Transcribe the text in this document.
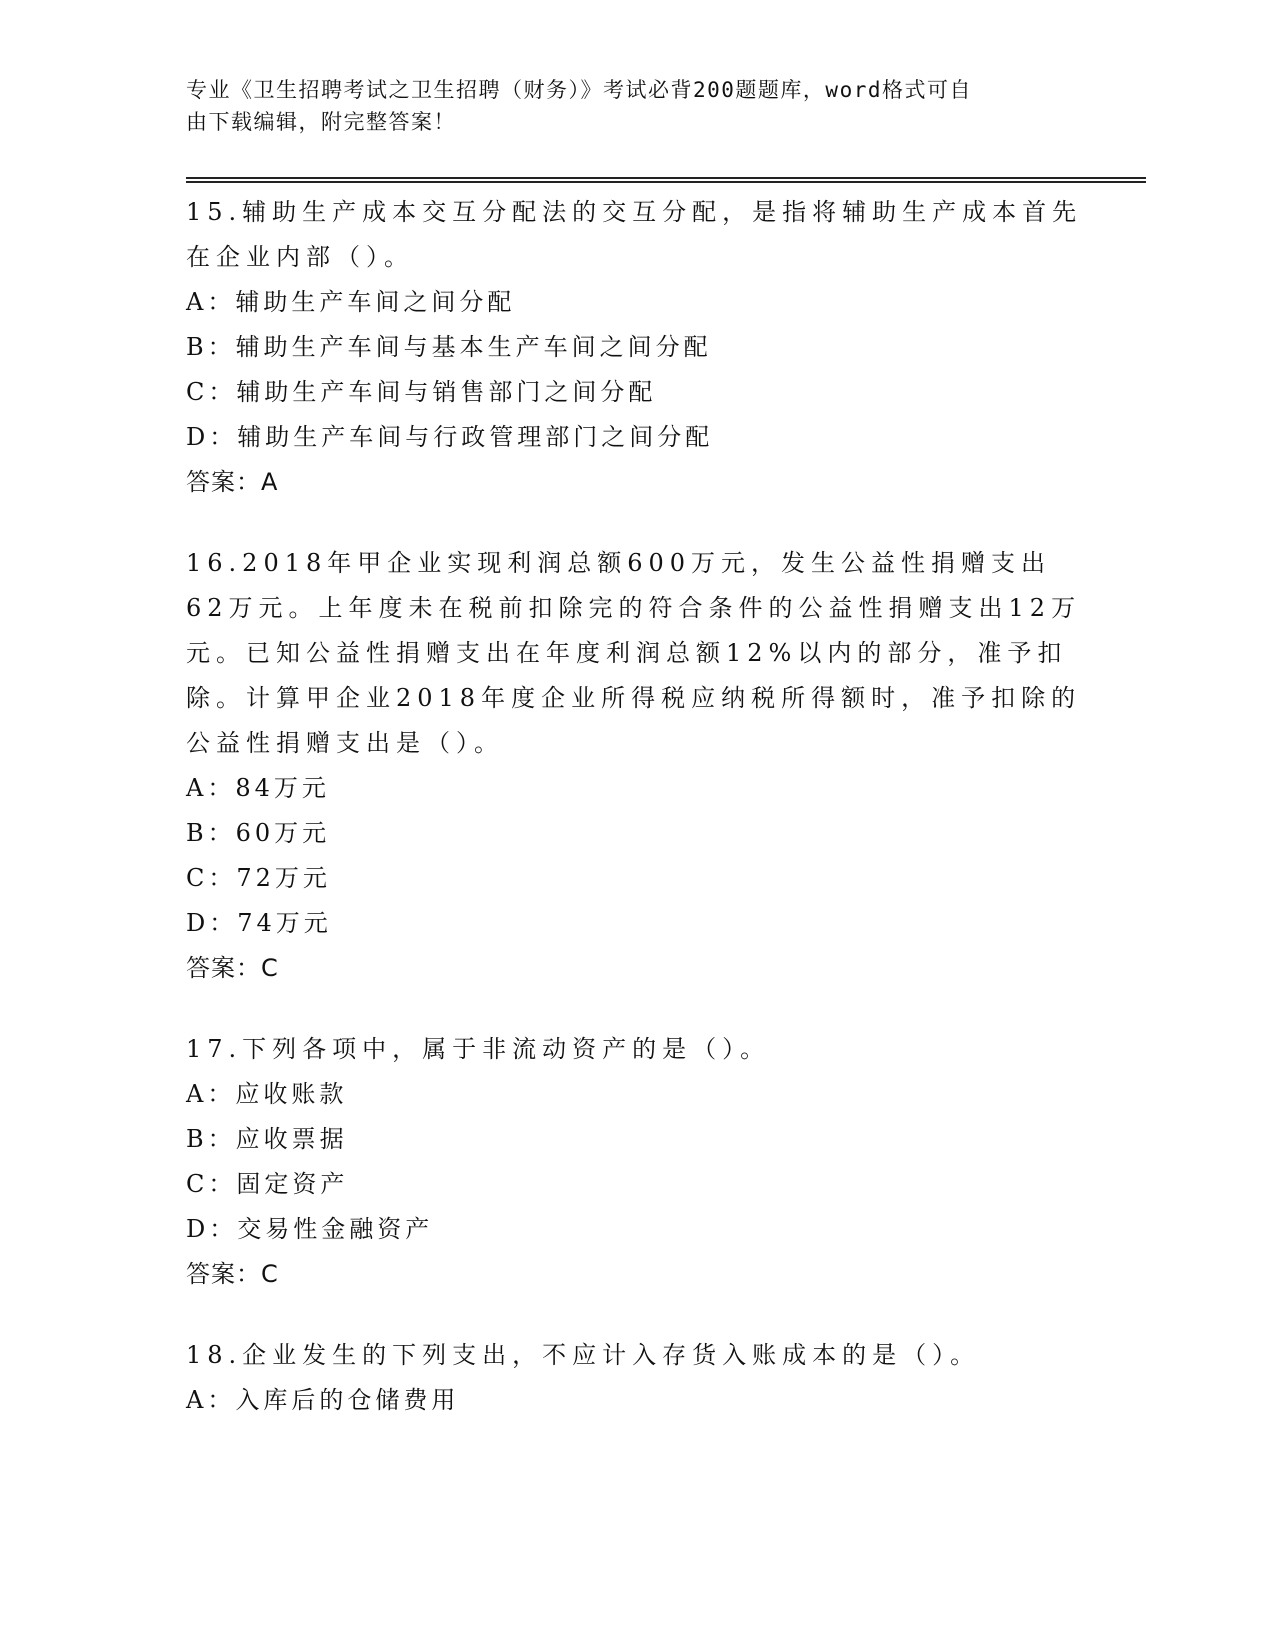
专业《卫生招聘考试之卫生招聘（财务）》考试必背200题题库，word格式可自
由下载编辑，附完整答案！

15.辅助生产成本交互分配法的交互分配，是指将辅助生产成本首先在企业内部（）。

A：辅助生产车间之间分配

B：辅助生产车间与基本生产车间之间分配

C：辅助生产车间与销售部门之间分配

D：辅助生产车间与行政管理部门之间分配

答案：A

16.2018年甲企业实现利润总额600万元，发生公益性捐赠支出62万元。上年度未在税前扣除完的符合条件的公益性捐赠支出12万元。已知公益性捐赠支出在年度利润总额12%以内的部分，准予扣除。计算甲企业2018年度企业所得税应纳税所得额时，准予扣除的公益性捐赠支出是（）。

A：84万元

B：60万元

C：72万元

D：74万元

答案：C

17.下列各项中，属于非流动资产的是（）。

A：应收账款

B：应收票据

C：固定资产

D：交易性金融资产

答案：C

18.企业发生的下列支出，不应计入存货入账成本的是（）。

A：入库后的仓储费用
